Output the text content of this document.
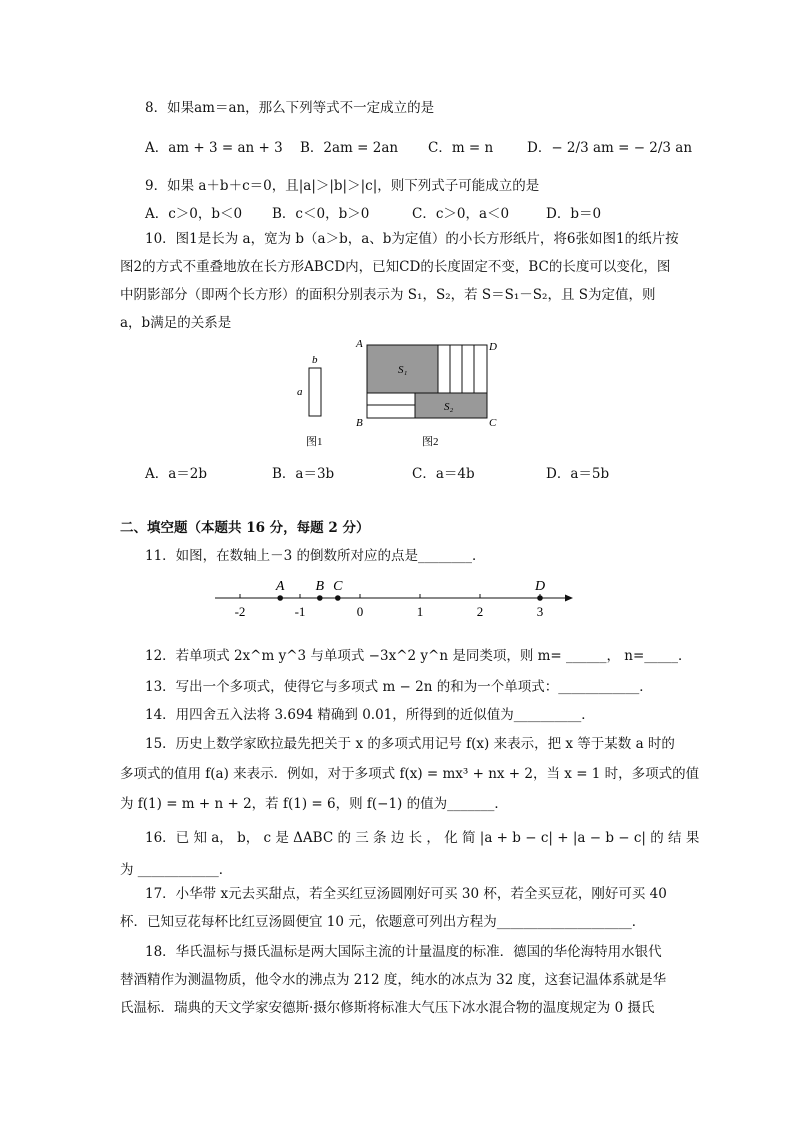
8．如果am＝an，那么下列等式不一定成立的是
A．am + 3 = an + 3 B．2am = 2an C．m = n	D．− 2/3 am = − 2/3 an
9．如果 a＋b＋c＝0，且|a|＞|b|＞|c|，则下列式子可能成立的是
A．c＞0，b＜0 B．c＜0，b＞0	C．c＞0，a＜0	D．b＝0
10．图1是长为 a，宽为 b（a＞b，a、b为定值）的小长方形纸片，将6张如图1的纸片按图2的方式不重叠地放在长方形ABCD内，已知CD的长度固定不变，BC的长度可以变化，图中阴影部分（即两个长方形）的面积分别表示为 S₁，S₂，若 S＝S₁－S₂，且 S为定值，则 a，b满足的关系是
b
a
图1
S₁
S₂
A	D
B	C
图2
A．a＝2b	B．a＝3b	C．a＝4b	D．a＝5b
二、填空题（本题共 16 分，每题 2 分）
11．如图，在数轴上－3 的倒数所对应的点是________．
-2	-1	0	1	2	3
A B C	D
12．若单项式 2x^m y^3 与单项式 −3x^2 y^n 是同类项，则 m= ______， n=_____．
13．写出一个多项式，使得它与多项式 m − 2n 的和为一个单项式：____________．
14．用四舍五入法将 3.694 精确到 0.01，所得到的近似值为__________．
15．历史上数学家欧拉最先把关于 x 的多项式用记号 f(x) 来表示，把 x 等于某数 a 时的
多项式的值用 f(a) 来表示．例如，对于多项式 f(x) = mx³ + nx + 2，当 x = 1 时，多项式的值
为 f(1) = m + n + 2，若 f(1) = 6，则 f(−1) 的值为_______．
16．已 知 a， b， c 是 ΔABC 的 三 条 边 长 ， 化 简 |a + b − c| + |a − b − c| 的 结 果
为 ____________．
17．小华带 x元去买甜点，若全买红豆汤圆刚好可买 30 杯，若全买豆花，刚好可买 40
杯．已知豆花每杯比红豆汤圆便宜 10 元，依题意可列出方程为____________________．
18．华氏温标与摄氏温标是两大国际主流的计量温度的标准．德国的华伦海特用水银代
替酒精作为测温物质，他令水的沸点为 212 度，纯水的冰点为 32 度，这套记温体系就是华
氏温标．瑞典的天文学家安德斯·摄尔修斯将标准大气压下冰水混合物的温度规定为 0 摄氏
